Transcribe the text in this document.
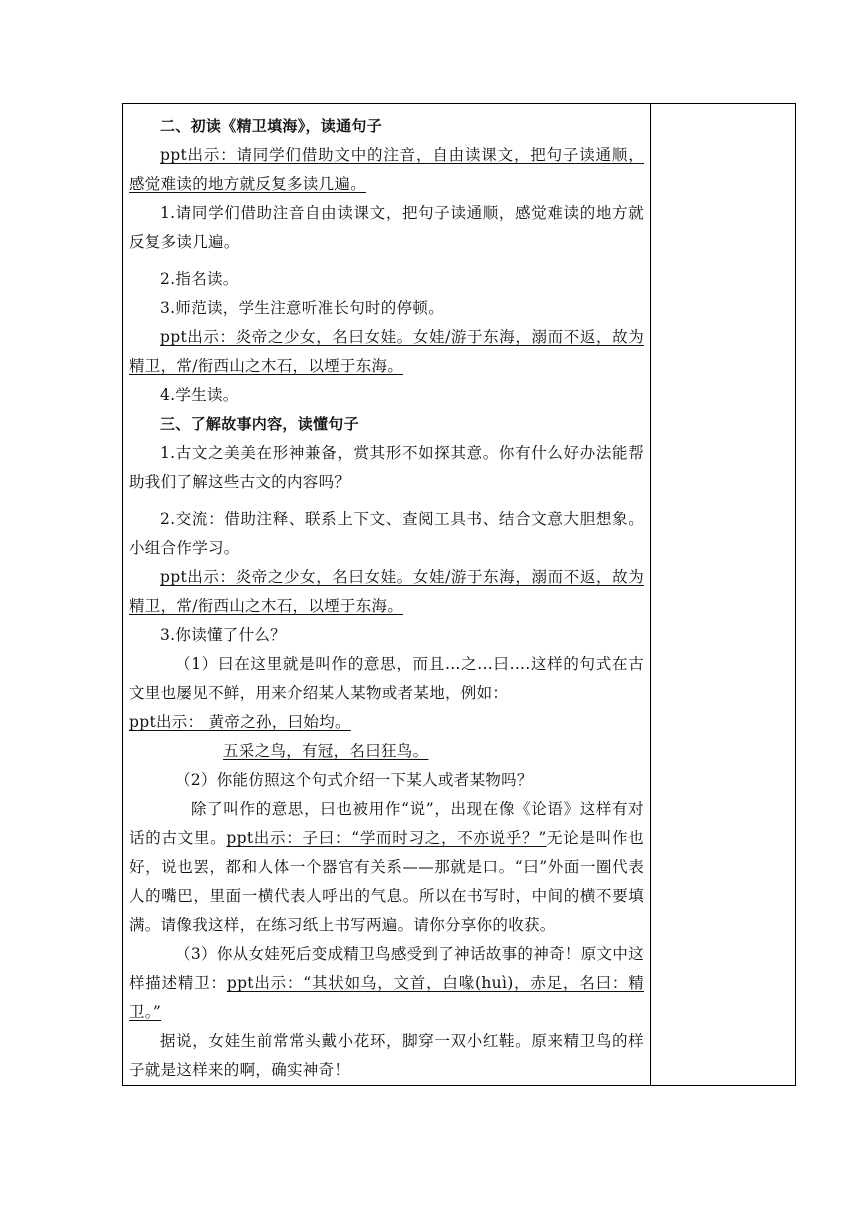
二、初读《精卫填海》，读通句子

ppt出示：请同学们借助文中的注音，自由读课文，把句子读通顺，感觉难读的地方就反复多读几遍。

1.请同学们借助注音自由读课文，把句子读通顺，感觉难读的地方就反复多读几遍。

2.指名读。

3.师范读，学生注意听准长句时的停顿。

ppt出示：炎帝之少女，名曰女娃。女娃/游于东海，溺而不返，故为精卫，常/衔西山之木石，以堙于东海。

4.学生读。

三、了解故事内容，读懂句子

1.古文之美美在形神兼备，赏其形不如探其意。你有什么好办法能帮助我们了解这些古文的内容吗？

2.交流：借助注释、联系上下文、查阅工具书、结合文意大胆想象。小组合作学习。

ppt出示：炎帝之少女，名曰女娃。女娃/游于东海，溺而不返，故为精卫，常/衔西山之木石，以堙于东海。

3.你读懂了什么？

（1）曰在这里就是叫作的意思，而且...之...曰....这样的句式在古文里也屡见不鲜，用来介绍某人某物或者某地，例如：

ppt出示： 黄帝之孙，曰始均。

五采之鸟，有冠，名曰狂鸟。

（2）你能仿照这个句式介绍一下某人或者某物吗？

除了叫作的意思，曰也被用作“说”，出现在像《论语》这样有对话的古文里。ppt出示：子曰：“学而时习之，不亦说乎？”无论是叫作也好，说也罢，都和人体一个器官有关系——那就是口。“曰”外面一圈代表人的嘴巴，里面一横代表人呼出的气息。所以在书写时，中间的横不要填满。请像我这样，在练习纸上书写两遍。请你分享你的收获。

（3）你从女娃死后变成精卫鸟感受到了神话故事的神奇！原文中这样描述精卫：ppt出示：“其状如乌，文首，白喙(huì)，赤足，名曰：精卫。”

据说，女娃生前常常头戴小花环，脚穿一双小红鞋。原来精卫鸟的样子就是这样来的啊，确实神奇！
